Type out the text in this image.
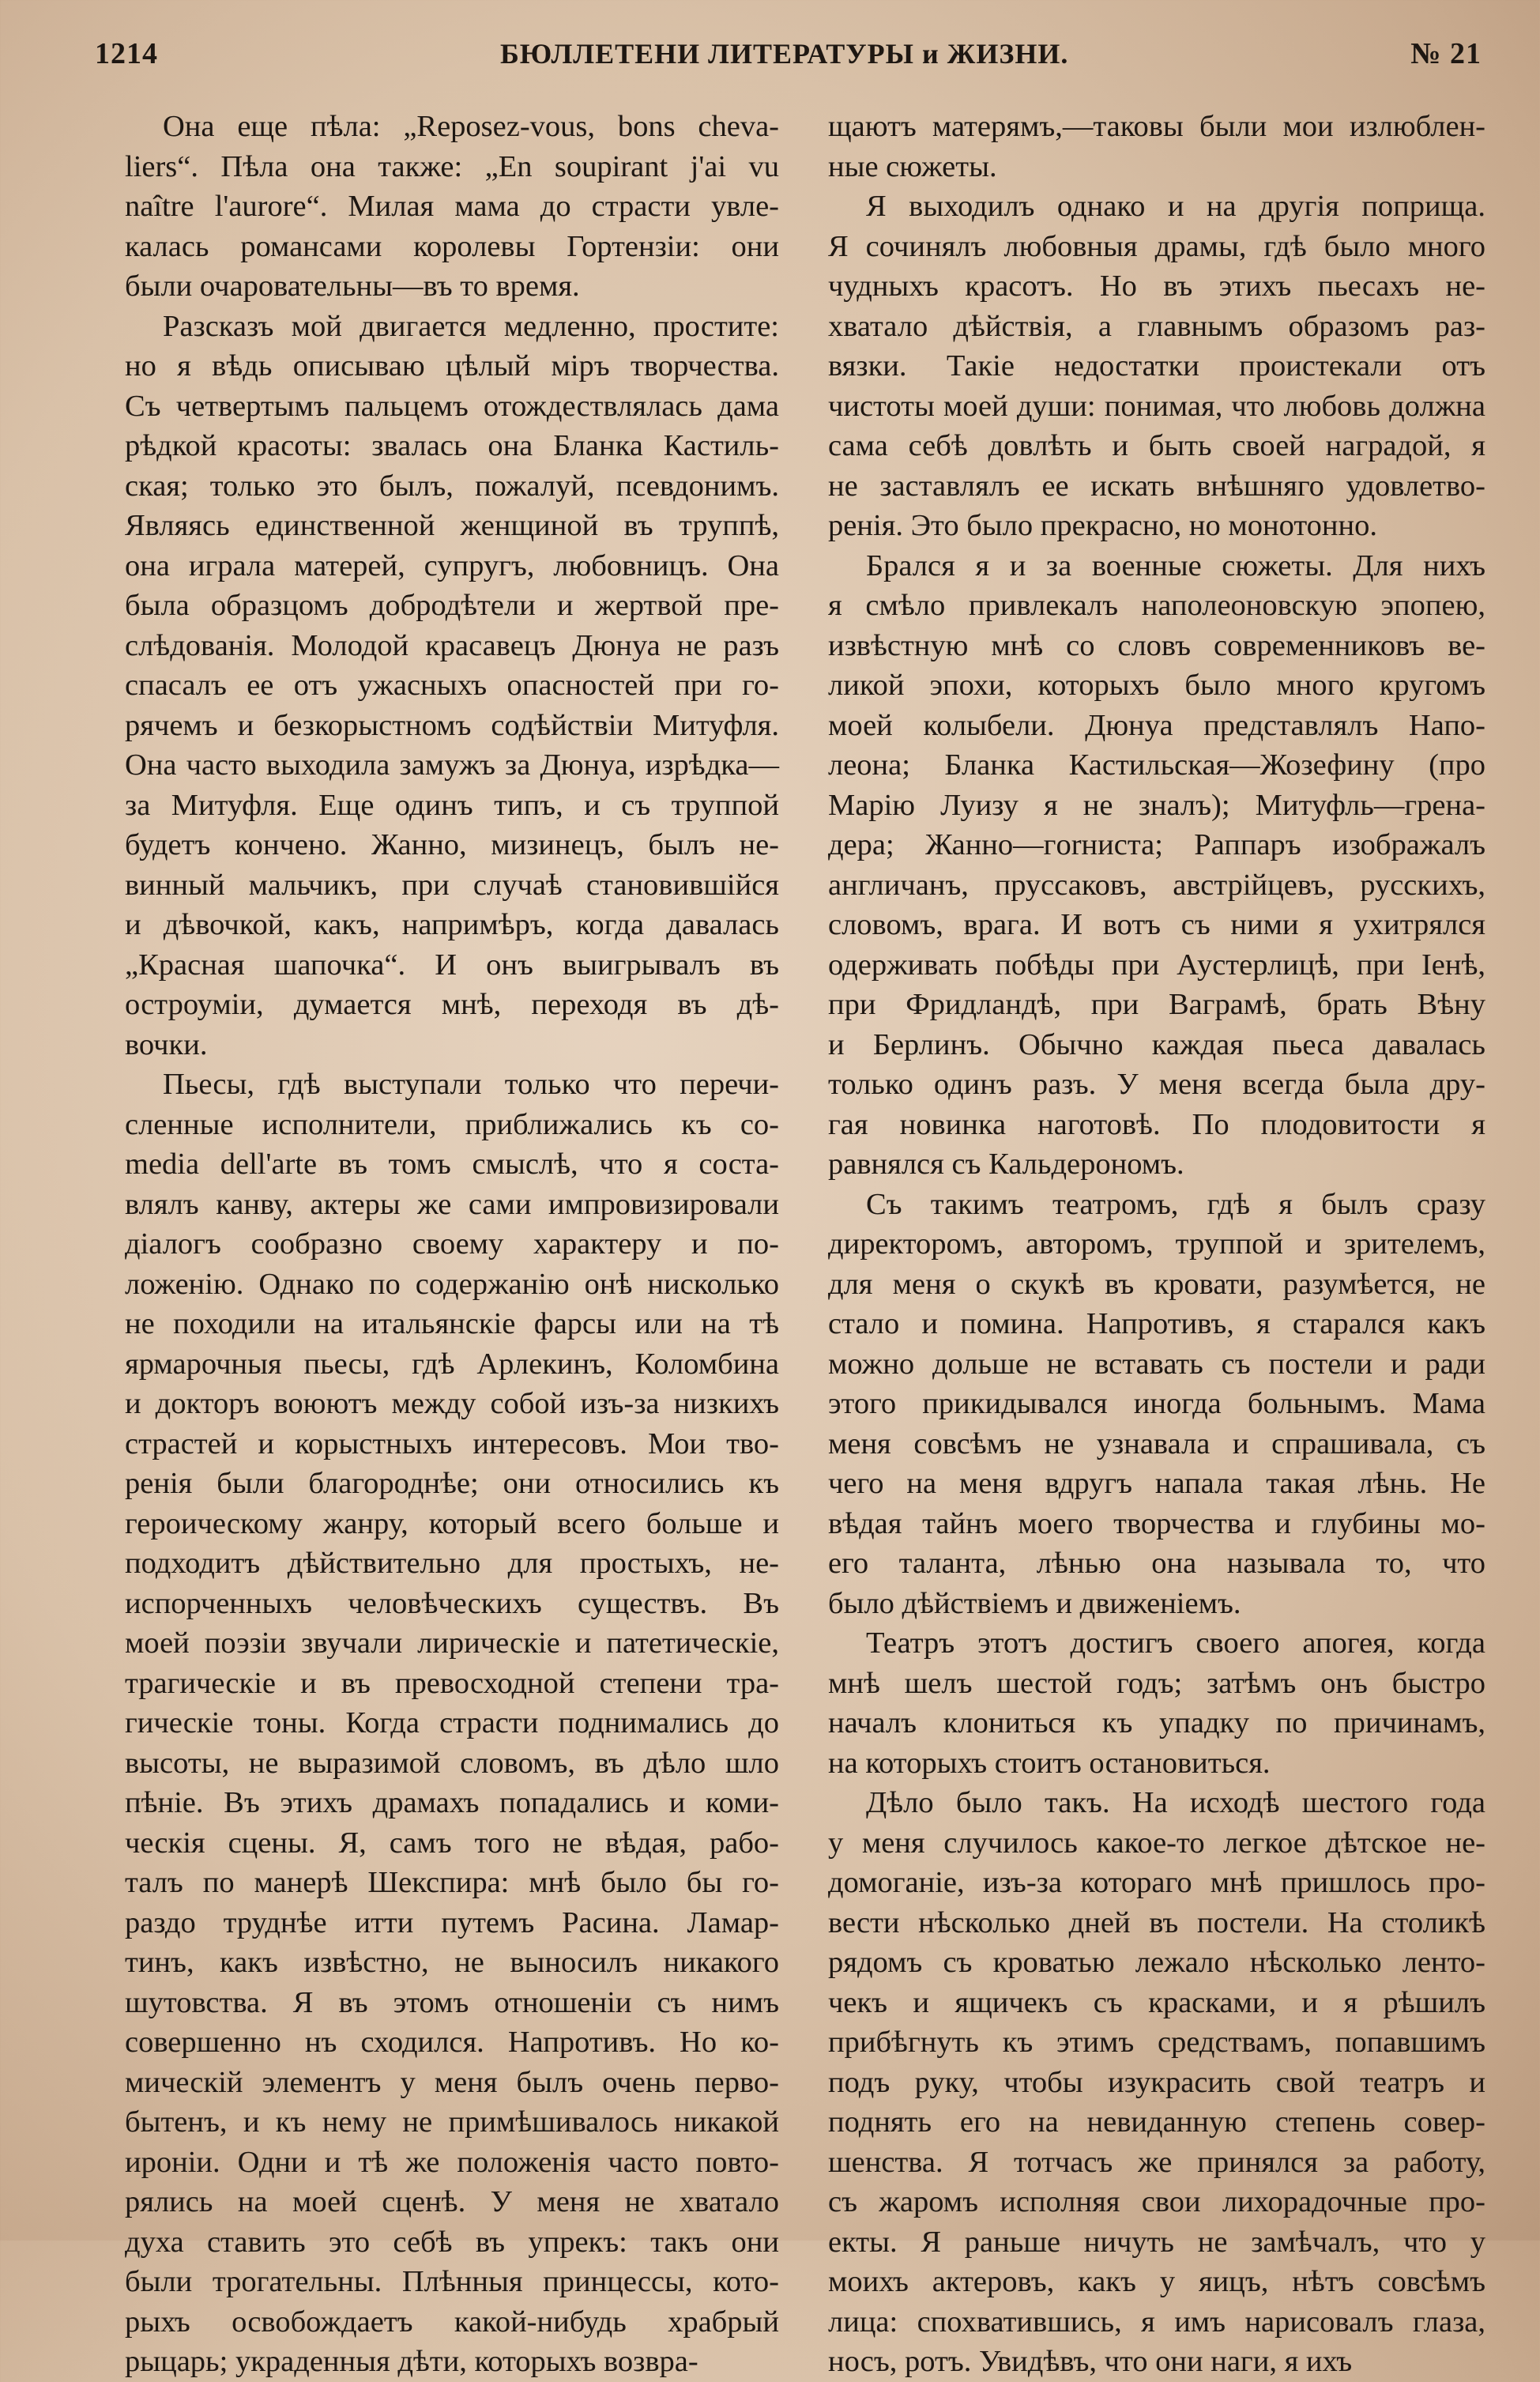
1214	БЮЛЛЕТЕНИ ЛИТЕРАТУРЫ и ЖИЗНИ.	№ 21
Она еще пѣла: „Reposez-vous, bons cheva-
liers“. Пѣла она также: „En soupirant j'ai vu
naître l'aurore“. Милая мама до страсти увле-
калась романсами королевы Гортензіи: они
были очаровательны—въ то время.
Разсказъ мой двигается медленно, простите:
но я вѣдь описываю цѣлый міръ творчества.
Съ четвертымъ пальцемъ отождествлялась дама
рѣдкой красоты: звалась она Бланка Кастиль-
ская; только это былъ, пожалуй, псевдонимъ.
Являясь единственной женщиной въ труппѣ,
она играла матерей, супругъ, любовницъ. Она
была образцомъ добродѣтели и жертвой пре-
слѣдованія. Молодой красавецъ Дюнуа не разъ
спасалъ ее отъ ужасныхъ опасностей при го-
рячемъ и безкорыстномъ содѣйствіи Митуфля.
Она часто выходила замужъ за Дюнуа, изрѣдка—
за Митуфля. Еще одинъ типъ, и съ труппой
будетъ кончено. Жанно, мизинецъ, былъ не-
винный мальчикъ, при случаѣ становившійся
и дѣвочкой, какъ, напримѣръ, когда давалась
„Красная шапочка“. И онъ выигрывалъ въ
остроуміи, думается мнѣ, переходя въ дѣ-
вочки.
Пьесы, гдѣ выступали только что перечи-
сленные исполнители, приближались къ co-
media dell'arte въ томъ смыслѣ, что я соста-
влялъ канву, актеры же сами импровизировали
діалогъ сообразно своему характеру и по-
ложенію. Однако по содержанію онѣ нисколько
не походили на итальянскіе фарсы или на тѣ
ярмарочныя пьесы, гдѣ Арлекинъ, Коломбина
и докторъ воюютъ между собой изъ-за низкихъ
страстей и корыстныхъ интересовъ. Мои тво-
ренія были благороднѣе; они относились къ
героическому жанру, который всего больше и
подходитъ дѣйствительно для простыхъ, не-
испорченныхъ человѣческихъ существъ. Въ
моей поэзіи звучали лирическіе и патетическіе,
трагическіе и въ превосходной степени тра-
гическіе тоны. Когда страсти поднимались до
высоты, не выразимой словомъ, въ дѣло шло
пѣніе. Въ этихъ драмахъ попадались и коми-
ческія сцены. Я, самъ того не вѣдая, рабо-
талъ по манерѣ Шекспира: мнѣ было бы го-
раздо труднѣе итти путемъ Расина. Ламар-
тинъ, какъ извѣстно, не выносилъ никакого
шутовства. Я въ этомъ отношеніи съ нимъ
совершенно нъ сходился. Напротивъ. Но ко-
мическій элементъ у меня былъ очень перво-
бытенъ, и къ нему не примѣшивалось никакой
ироніи. Одни и тѣ же положенія часто повто-
рялись на моей сценѣ. У меня не хватало
духа ставить это себѣ въ упрекъ: такъ они
были трогательны. Плѣнныя принцессы, кото-
рыхъ освобождаетъ какой-нибудь храбрый
рыцарь; украденныя дѣти, которыхъ возвра-
щаютъ матерямъ,—таковы были мои излюблен-
ные сюжеты.
Я выходилъ однако и на другія поприща.
Я сочинялъ любовныя драмы, гдѣ было много
чудныхъ красотъ. Но въ этихъ пьесахъ не-
хватало дѣйствія, а главнымъ образомъ раз-
вязки. Такіе недостатки проистекали отъ
чистоты моей души: понимая, что любовь должна
сама себѣ довлѣть и быть своей наградой, я
не заставлялъ ее искать внѣшняго удовлетво-
ренія. Это было прекрасно, но монотонно.
Брался я и за военные сюжеты. Для нихъ
я смѣло привлекалъ наполеоновскую эпопею,
извѣстную мнѣ со словъ современниковъ ве-
ликой эпохи, которыхъ было много кругомъ
моей колыбели. Дюнуа представлялъ Напо-
леона; Бланка Кастильская—Жозефину (про
Марію Луизу я не зналъ); Митуфль—грена-
дера; Жанно—гorниста; Раппаръ изображалъ
англичанъ, пруссаковъ, австрійцевъ, русскихъ,
словомъ, врага. И вотъ съ ними я ухитрялся
одерживать побѣды при Аустерлицѣ, при Іенѣ,
при Фридландѣ, при Ваграмѣ, брать Вѣну
и Берлинъ. Обычно каждая пьеса давалась
только одинъ разъ. У меня всегда была дру-
гая новинка наготовѣ. По плодовитости я
равнялся съ Кальдерономъ.
Съ такимъ театромъ, гдѣ я былъ сразу
директоромъ, авторомъ, труппой и зрителемъ,
для меня о скукѣ въ кровати, разумѣется, не
стало и помина. Напротивъ, я старался какъ
можно дольше не вставать съ постели и ради
этого прикидывался иногда больнымъ. Мама
меня совсѣмъ не узнавала и спрашивала, съ
чего на меня вдругъ напала такая лѣнь. Не
вѣдая тайнъ моего творчества и глубины мо-
его таланта, лѣнью она называла то, что
было дѣйствіемъ и движеніемъ.
Театръ этотъ достигъ своего апогея, когда
мнѣ шелъ шестой годъ; затѣмъ онъ быстро
началъ клониться къ упадку по причинамъ,
на которыхъ стоитъ остановиться.
Дѣло было такъ. На исходѣ шестого года
у меня случилось какое-то легкое дѣтское не-
домоганіе, изъ-за котораго мнѣ пришлось про-
вести нѣсколько дней въ постели. На столикѣ
рядомъ съ кроватью лежало нѣсколько ленто-
чекъ и ящичекъ съ красками, и я рѣшилъ
прибѣгнуть къ этимъ средствамъ, попавшимъ
подъ руку, чтобы изукрасить свой театръ и
поднять его на невиданную степень совер-
шенства. Я тотчасъ же принялся за работу,
съ жаромъ исполняя свои лихорадочные про-
екты. Я раньше ничуть не замѣчалъ, что у
моихъ актеровъ, какъ у яицъ, нѣтъ совсѣмъ
лица: спохватившись, я имъ нарисовалъ глаза,
носъ, ротъ. Увидѣвъ, что они наги, я ихъ
